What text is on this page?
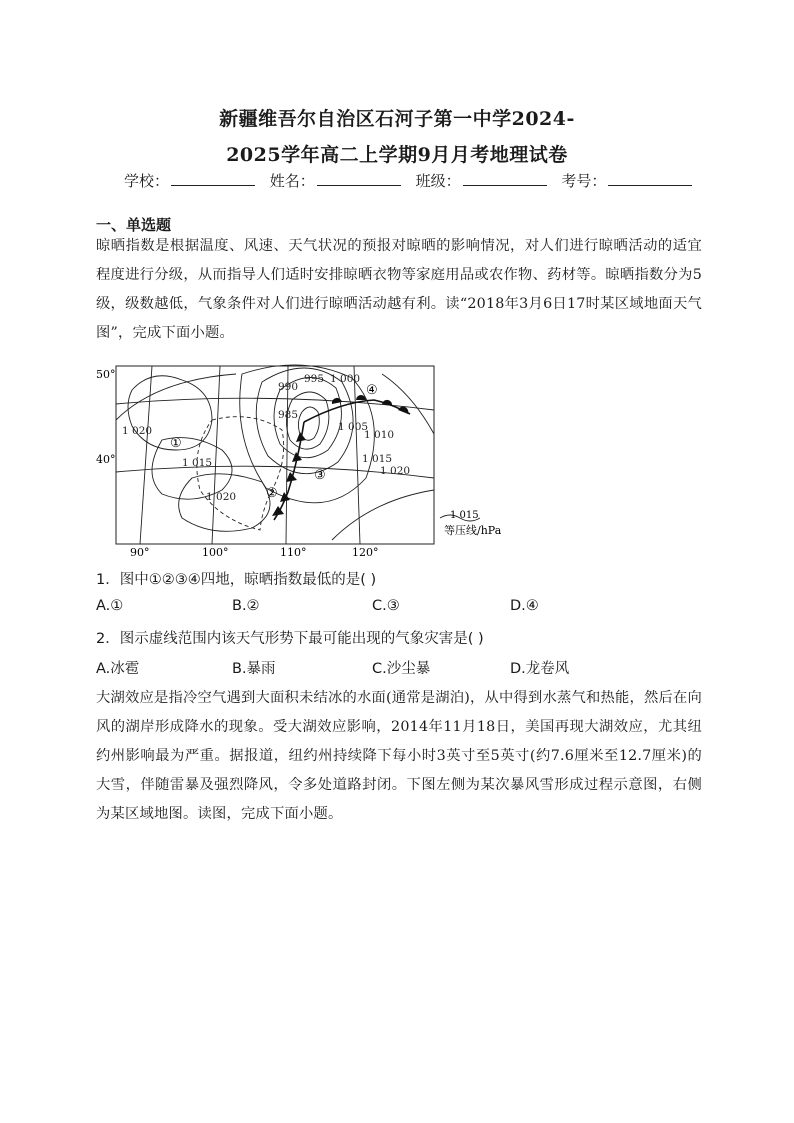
新疆维吾尔自治区石河子第一中学2024-
2025学年高二上学期9月月考地理试卷
学校：	姓名：	班级：	考号：
一、单选题
晾晒指数是根据温度、风速、天气状况的预报对晾晒的影响情况，对人们进行晾晒活动的适宜程度进行分级，从而指导人们适时安排晾晒衣物等家庭用品或农作物、药材等。晾晒指数分为5级，级数越低，气象条件对人们进行晾晒活动越有利。读“2018年3月6日17时某区域地面天气图”，完成下面小题。
50°
40°
90°	100°	110°	120°
990
995 1 000
985
1 005
1 010
1 015
1 020
1 020
1 015
1 020
①
②
③
④
1 015
等压线/hPa
1．图中①②③④四地，晾晒指数最低的是( )
A.①	B.②	C.③	D.④
2．图示虚线范围内该天气形势下最可能出现的气象灾害是( )
A.冰雹	B.暴雨	C.沙尘暴	D.龙卷风
大湖效应是指冷空气遇到大面积未结冰的水面(通常是湖泊)，从中得到水蒸气和热能，然后在向风的湖岸形成降水的现象。受大湖效应影响，2014年11月18日，美国再现大湖效应，尤其纽约州影响最为严重。据报道，纽约州持续降下每小时3英寸至5英寸(约7.6厘米至12.7厘米)的大雪，伴随雷暴及强烈降风，令多处道路封闭。下图左侧为某次暴风雪形成过程示意图，右侧为某区域地图。读图，完成下面小题。
